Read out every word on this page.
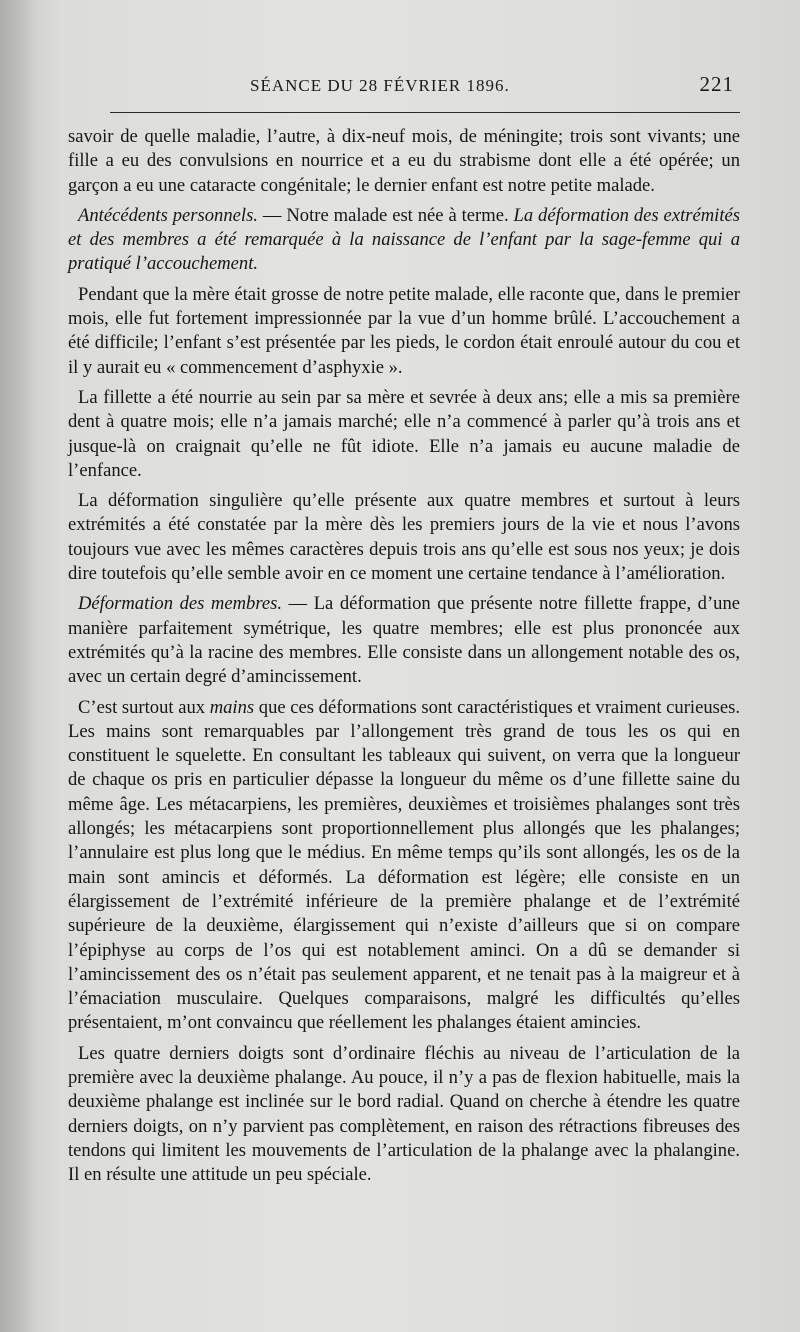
SÉANCE DU 28 FÉVRIER 1896.	221

savoir de quelle maladie, l’autre, à dix-neuf mois, de méningite; trois sont vivants; une fille a eu des convulsions en nourrice et a eu du strabisme dont elle a été opérée; un garçon a eu une cataracte congénitale; le dernier enfant est notre petite malade.

Antécédents personnels. — Notre malade est née à terme. La déformation des extrémités et des membres a été remarquée à la naissance de l’enfant par la sage-femme qui a pratiqué l’accouchement.

Pendant que la mère était grosse de notre petite malade, elle raconte que, dans le premier mois, elle fut fortement impressionnée par la vue d’un homme brûlé. L’accouchement a été difficile; l’enfant s’est présentée par les pieds, le cordon était enroulé autour du cou et il y aurait eu « commencement d’asphyxie ».

La fillette a été nourrie au sein par sa mère et sevrée à deux ans; elle a mis sa première dent à quatre mois; elle n’a jamais marché; elle n’a commencé à parler qu’à trois ans et jusque-là on craignait qu’elle ne fût idiote. Elle n’a jamais eu aucune maladie de l’enfance.

La déformation singulière qu’elle présente aux quatre membres et surtout à leurs extrémités a été constatée par la mère dès les premiers jours de la vie et nous l’avons toujours vue avec les mêmes caractères depuis trois ans qu’elle est sous nos yeux; je dois dire toutefois qu’elle semble avoir en ce moment une certaine tendance à l’amélioration.

Déformation des membres. — La déformation que présente notre fillette frappe, d’une manière parfaitement symétrique, les quatre membres; elle est plus prononcée aux extrémités qu’à la racine des membres. Elle consiste dans un allongement notable des os, avec un certain degré d’amincissement.

C’est surtout aux mains que ces déformations sont caractéristiques et vraiment curieuses. Les mains sont remarquables par l’allongement très grand de tous les os qui en constituent le squelette. En consultant les tableaux qui suivent, on verra que la longueur de chaque os pris en particulier dépasse la longueur du même os d’une fillette saine du même âge. Les métacarpiens, les premières, deuxièmes et troisièmes phalanges sont très allongés; les métacarpiens sont proportionnellement plus allongés que les phalanges; l’annulaire est plus long que le médius. En même temps qu’ils sont allongés, les os de la main sont amincis et déformés. La déformation est légère; elle consiste en un élargissement de l’extrémité inférieure de la première phalange et de l’extrémité supérieure de la deuxième, élargissement qui n’existe d’ailleurs que si on compare l’épiphyse au corps de l’os qui est notablement aminci. On a dû se demander si l’amincissement des os n’était pas seulement apparent, et ne tenait pas à la maigreur et à l’émaciation musculaire. Quelques comparaisons, malgré les difficultés qu’elles présentaient, m’ont convaincu que réellement les phalanges étaient amincies.

Les quatre derniers doigts sont d’ordinaire fléchis au niveau de l’articulation de la première avec la deuxième phalange. Au pouce, il n’y a pas de flexion habituelle, mais la deuxième phalange est inclinée sur le bord radial. Quand on cherche à étendre les quatre derniers doigts, on n’y parvient pas complètement, en raison des rétractions fibreuses des tendons qui limitent les mouvements de l’articulation de la phalange avec la phalangine. Il en résulte une attitude un peu spéciale.
